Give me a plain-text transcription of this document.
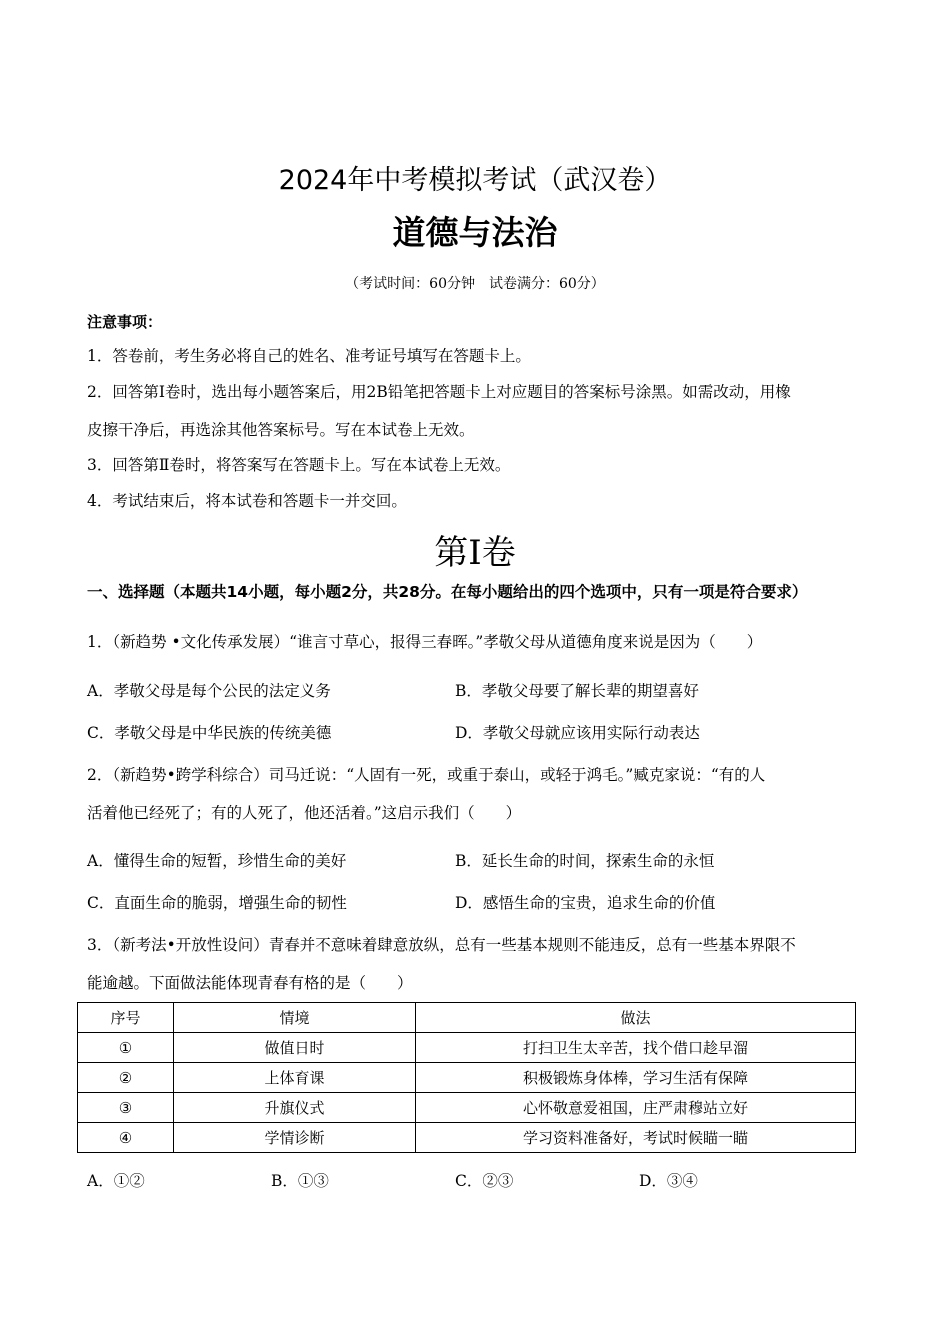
2024年中考模拟考试（武汉卷）
道德与法治
（考试时间：60分钟　试卷满分：60分）
注意事项：
1．答卷前，考生务必将自己的姓名、准考证号填写在答题卡上。
2．回答第Ⅰ卷时，选出每小题答案后，用2B铅笔把答题卡上对应题目的答案标号涂黑。如需改动，用橡
皮擦干净后，再选涂其他答案标号。写在本试卷上无效。
3．回答第Ⅱ卷时，将答案写在答题卡上。写在本试卷上无效。
4．考试结束后，将本试卷和答题卡一并交回。
第Ⅰ卷
一、选择题（本题共14小题，每小题2分，共28分。在每小题给出的四个选项中，只有一项是符合要求）
1．（新趋势 •文化传承发展）“谁言寸草心，报得三春晖。”孝敬父母从道德角度来说是因为（　　）
A．孝敬父母是每个公民的法定义务	B．孝敬父母要了解长辈的期望喜好
C．孝敬父母是中华民族的传统美德	D．孝敬父母就应该用实际行动表达
2．（新趋势•跨学科综合）司马迁说：“人固有一死，或重于泰山，或轻于鸿毛。”臧克家说：“有的人
活着他已经死了；有的人死了，他还活着。”这启示我们（　　）
A．懂得生命的短暂，珍惜生命的美好	B．延长生命的时间，探索生命的永恒
C．直面生命的脆弱，增强生命的韧性	D．感悟生命的宝贵，追求生命的价值
3．（新考法•开放性设问）青春并不意味着肆意放纵，总有一些基本规则不能违反，总有一些基本界限不
能逾越。下面做法能体现青春有格的是（　　）
序号	情境	做法
①	做值日时	打扫卫生太辛苦，找个借口趁早溜
②	上体育课	积极锻炼身体棒，学习生活有保障
③	升旗仪式	心怀敬意爱祖国，庄严肃穆站立好
④	学情诊断	学习资料准备好，考试时候瞄一瞄
A．①②	B．①③	C．②③	D．③④
